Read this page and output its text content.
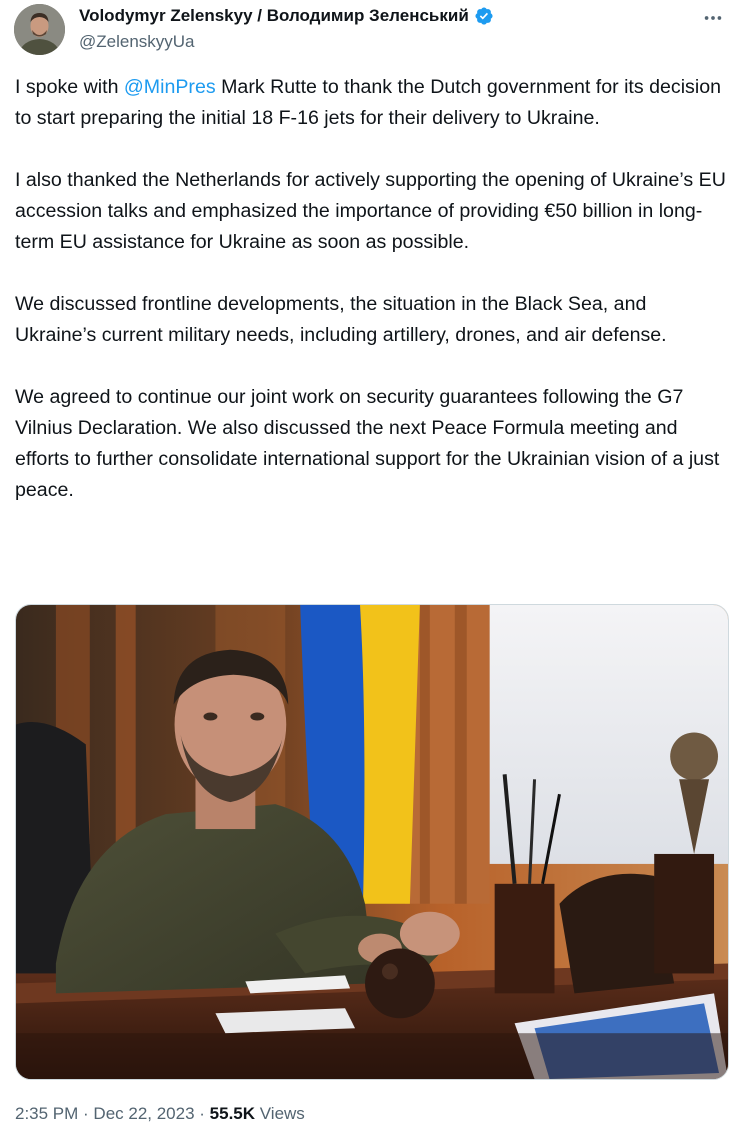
Volodymyr Zelenskyy / Володимир Зеленський
@ZelenskyyUa

I spoke with @MinPres Mark Rutte to thank the Dutch government for its decision to start preparing the initial 18 F-16 jets for their delivery to Ukraine.

I also thanked the Netherlands for actively supporting the opening of Ukraine’s EU accession talks and emphasized the importance of providing €50 billion in long-term EU assistance for Ukraine as soon as possible.

We discussed frontline developments, the situation in the Black Sea, and Ukraine’s current military needs, including artillery, drones, and air defense.

We agreed to continue our joint work on security guarantees following the G7 Vilnius Declaration. We also discussed the next Peace Formula meeting and efforts to further consolidate international support for the Ukrainian vision of a just peace.

2:35 PM · Dec 22, 2023 · 55.5K Views
